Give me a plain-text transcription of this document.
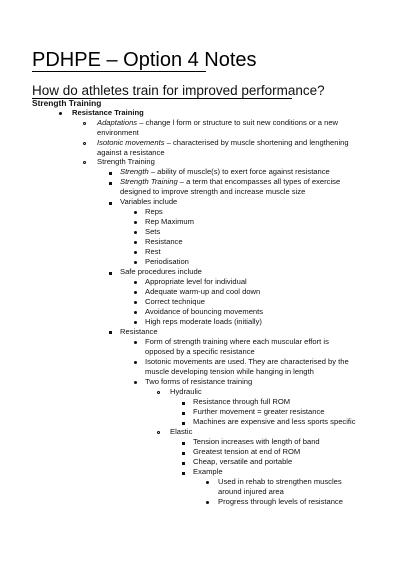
PDHPE – Option 4 Notes
How do athletes train for improved performance?
Strength Training
Resistance Training
Adaptations – change l form or structure to suit new conditions or a new
environment
Isotonic movements – characterised by muscle shortening and lengthening
against a resistance
Strength Training
Strength – ability of muscle(s) to exert force against resistance
Strength Training – a term that encompasses all types of exercise
designed to improve strength and increase muscle size
Variables include
Reps
Rep Maximum
Sets
Resistance
Rest
Periodisation
Safe procedures include
Appropriate level for individual
Adequate warm-up and cool down
Correct technique
Avoidance of bouncing movements
High reps moderate loads (initially)
Resistance
Form of strength training where each muscular effort is
opposed by a specific resistance
Isotonic movements are used. They are characterised by the
muscle developing tension while hanging in length
Two forms of resistance training
Hydraulic
Resistance through full ROM
Further movement = greater resistance
Machines are expensive and less sports specific
Elastic
Tension increases with length of band
Greatest tension at end of ROM
Cheap, versatile and portable
Example
Used in rehab to strengthen muscles
around injured area
Progress through levels of resistance
